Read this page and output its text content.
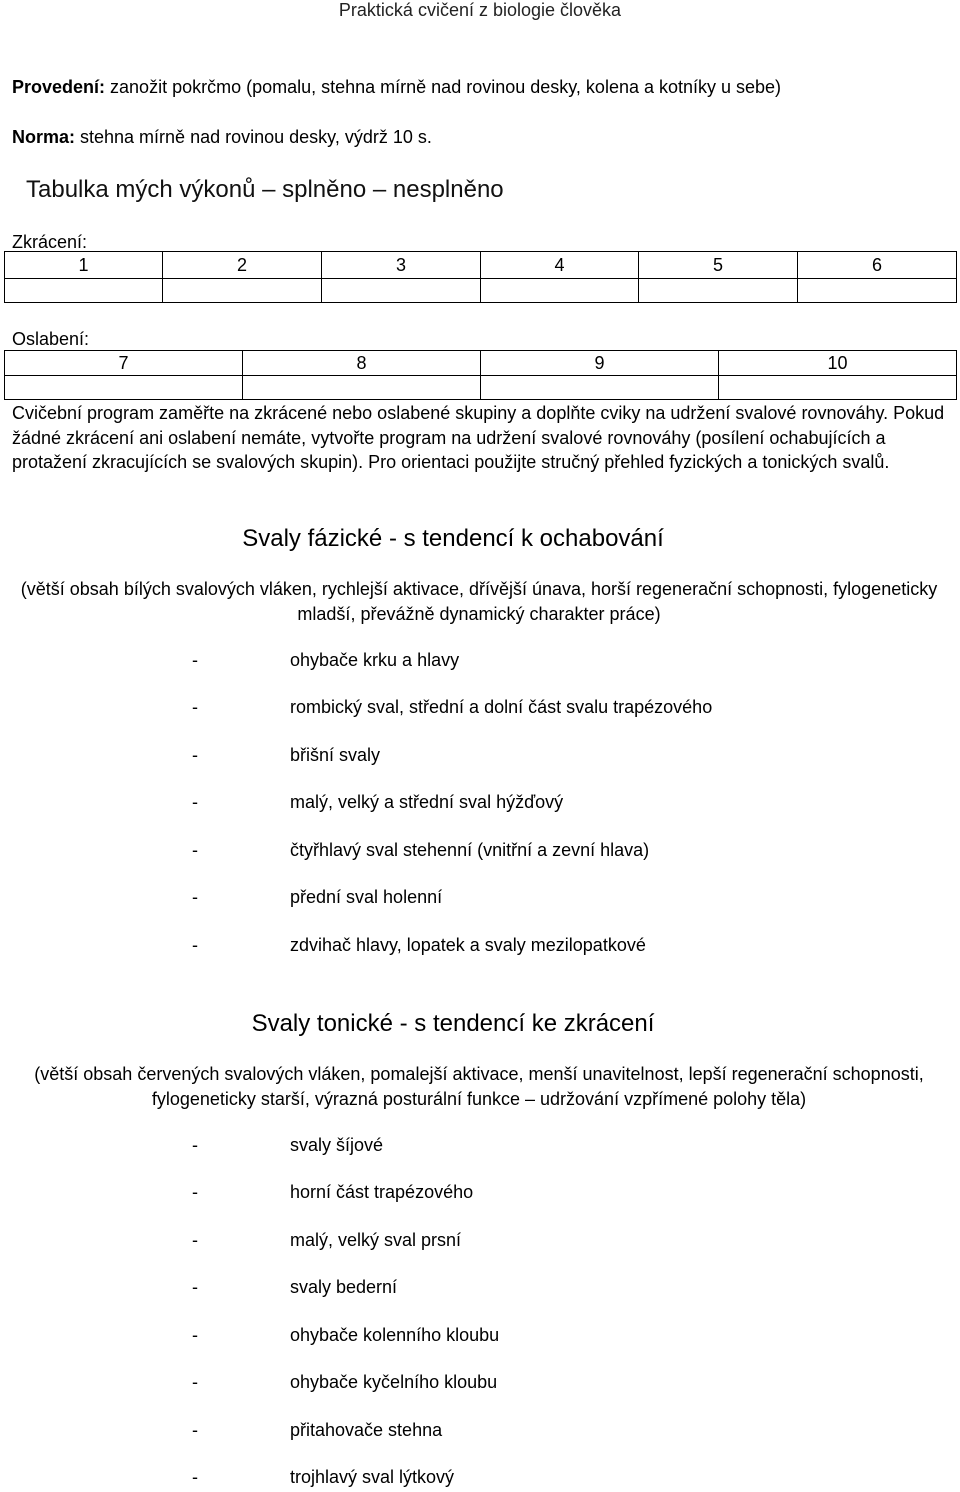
Praktická cvičení z biologie člověka
Provedení: zanožit pokrčmo (pomalu, stehna mírně nad rovinou desky, kolena a kotníky u sebe)
Norma: stehna mírně nad rovinou desky, výdrž 10 s.
Tabulka mých výkonů – splněno – nesplněno
Zkrácení:
1	2	3	4	5	6

Oslabení:
7	8	9	10

Cvičební program zaměřte na zkrácené nebo oslabené skupiny a doplňte cviky na udržení svalové rovnováhy. Pokud žádné zkrácení ani oslabení nemáte, vytvořte program na udržení svalové rovnováhy (posílení ochabujících a protažení zkracujících se svalových skupin). Pro orientaci použijte stručný přehled fyzických a tonických svalů.
Svaly fázické - s tendencí k ochabování
(větší obsah bílých svalových vláken, rychlejší aktivace, dřívější únava, horší regenerační schopnosti, fylogeneticky mladší, převážně dynamický charakter práce)
-	ohybače krku a hlavy
-	rombický sval, střední a dolní část svalu trapézového
-	břišní svaly
-	malý, velký a střední sval hýžďový
-	čtyřhlavý sval stehenní (vnitřní a zevní hlava)
-	přední sval holenní
-	zdvihač hlavy, lopatek a svaly mezilopatkové
Svaly tonické - s tendencí ke zkrácení
(větší obsah červených svalových vláken, pomalejší aktivace, menší unavitelnost, lepší regenerační schopnosti, fylogeneticky starší, výrazná posturální funkce – udržování vzpřímené polohy těla)
-	svaly šíjové
-	horní část trapézového
-	malý, velký sval prsní
-	svaly bederní
-	ohybače kolenního kloubu
-	ohybače kyčelního kloubu
-	přitahovače stehna
-	trojhlavý sval lýtkový
